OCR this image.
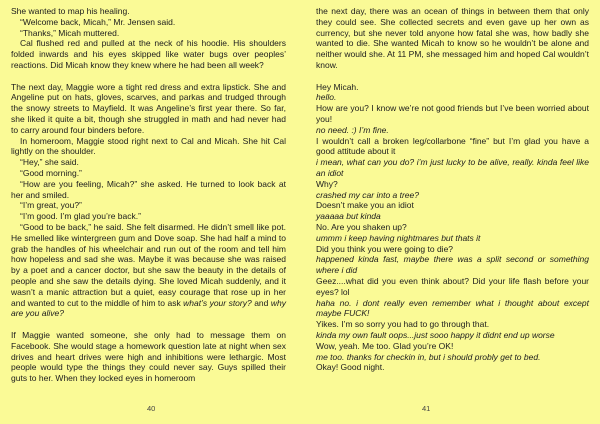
She wanted to map his healing.

“Welcome back, Micah,” Mr. Jensen said.

“Thanks,” Micah muttered.

Cal flushed red and pulled at the neck of his hoodie. His shoulders folded inwards and his eyes skipped like water bugs over peoples’ reactions. Did Micah know they knew where he had been all week?

The next day, Maggie wore a tight red dress and extra lipstick. She and Angeline put on hats, gloves, scarves, and parkas and trudged through the snowy streets to Mayfield. It was Angeline’s first year there. So far, she liked it quite a bit, though she struggled in math and had never had to carry around four binders before.

In homeroom, Maggie stood right next to Cal and Micah. She hit Cal lightly on the shoulder.

“Hey,” she said.

“Good morning.”

“How are you feeling, Micah?” she asked. He turned to look back at her and smiled.

“I’m great, you?”

“I’m good. I’m glad you’re back.”

“Good to be back,” he said. She felt disarmed. He didn’t smell like pot. He smelled like wintergreen gum and Dove soap. She had half a mind to grab the handles of his wheelchair and run out of the room and tell him how hopeless and sad she was. Maybe it was because she was raised by a poet and a cancer doctor, but she saw the beauty in the details of people and she saw the details dying. She loved Micah suddenly, and it wasn’t a manic attraction but a quiet, easy courage that rose up in her and wanted to cut to the middle of him to ask what’s your story? and why are you alive?

If Maggie wanted someone, she only had to message them on Facebook. She would stage a homework question late at night when sex drives and heart drives were high and inhibitions were lethargic. Most people would type the things they could never say. Guys spilled their guts to her. When they locked eyes in homeroom

40

the next day, there was an ocean of things in between them that only they could see. She collected secrets and even gave up her own as currency, but she never told anyone how fatal she was, how badly she wanted to die. She wanted Micah to know so he wouldn’t be alone and neither would she. At 11 PM, she messaged him and hoped Cal wouldn’t know.

Hey Micah.

hello.

How are you? I know we’re not good friends but I’ve been worried about you!

no need. :) I’m fine.

I wouldn’t call a broken leg/collarbone “fine” but I’m glad you have a good attitude about it

i mean, what can you do? i’m just lucky to be alive, really. kinda feel like an idiot

Why?

crashed my car into a tree?

Doesn’t make you an idiot

yaaaaa but kinda

No. Are you shaken up?

ummm i keep having nightmares but thats it

Did you think you were going to die?

happened kinda fast, maybe there was a split second or something where i did

Geez....what did you even think about? Did your life flash before your eyes? lol

haha no. i dont really even remember what i thought about except maybe FUCK!

Yikes. I’m so sorry you had to go through that.

kinda my own fault oops...just sooo happy it didnt end up worse

Wow, yeah. Me too. Glad you’re OK!

me too. thanks for checkin in, but i should probly get to bed.

Okay! Good night.

41
